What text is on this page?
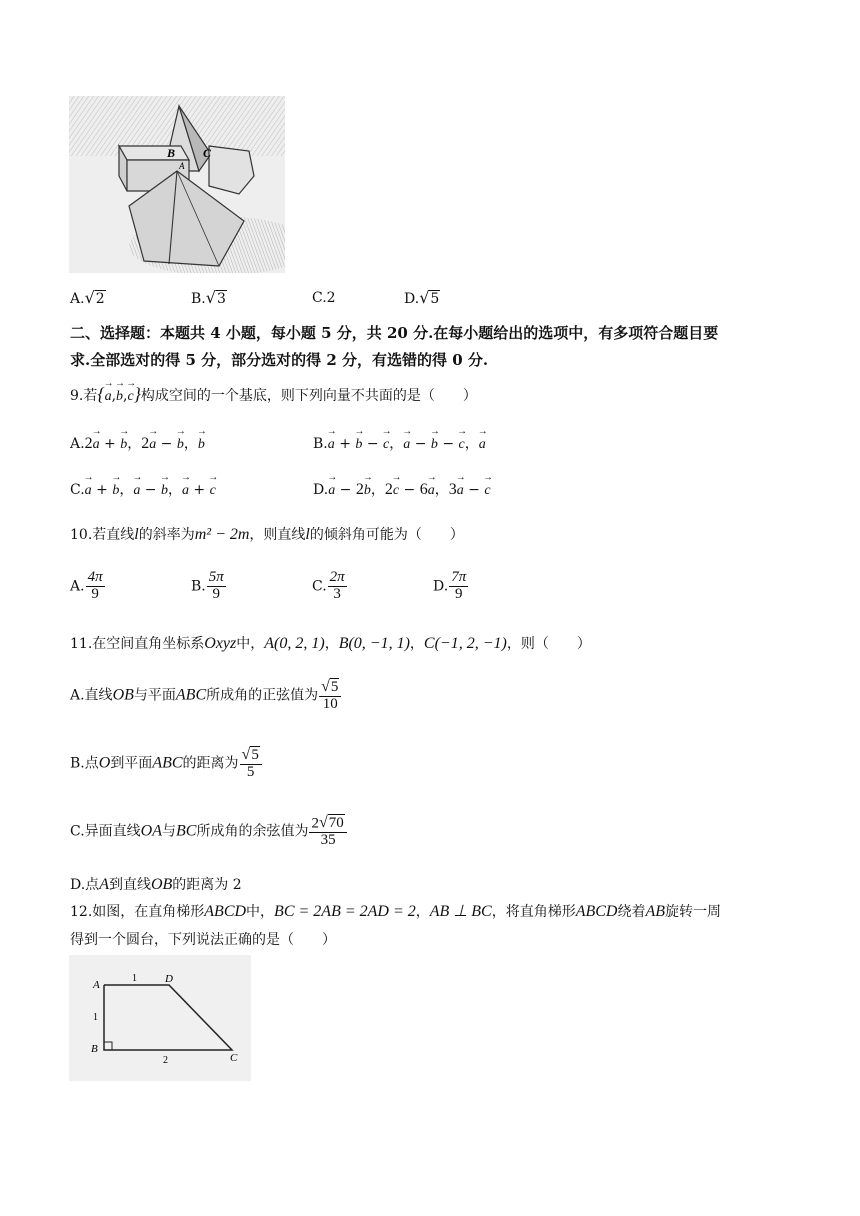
B C
A
A. √ 2	B. √ 3	C.2	D. √ 5
二、选择题：本题共 4 小题，每小题 5 分，共 20 分.在每小题给出的选项中，有多项符合题目要
求.全部选对的得 5 分，部分选对的得 2 分，有选错的得 0 分.
9.若{→ a,→ b,→ c}构成空间的一个基底，则下列向量不共面的是（　　）
A.2→ a + → b，2→ a − → b，→ b	B.→ a + → b − → c，→ a − → b − → c，→ a
C.→ a + → b，→ a − → b，→ a + → c	D.→ a − 2→ b，2→ c − 6→ a，3→ a − → c
10.若直线l的斜率为m² − 2m，则直线l的倾斜角可能为（　　）
A. $\frac{4\pi}{9}$	B. $\frac{5\pi}{9}$	C. $\frac{2\pi}{3}$	D. $\frac{7\pi}{9}$
11.在空间直角坐标系Oxyz中，A(0, 2, 1)，B(0, −1, 1)，C(−1, 2, −1)，则（　　）
A.直线OB与平面ABC所成角的正弦值为 $\frac{√ 5}{10}$
B.点O到平面ABC的距离为 $\frac{√ 5}{5}$
C.异面直线OA与BC所成角的余弦值为 $\frac{2 √ 70}{35}$
D.点A到直线OB的距离为 2
12.如图，在直角梯形ABCD中，BC = 2AB = 2AD = 2，AB ⊥ BC，将直角梯形ABCD绕着AB旋转一周
得到一个圆台，下列说法正确的是（　　）
A	D
B
C
1
1
2
